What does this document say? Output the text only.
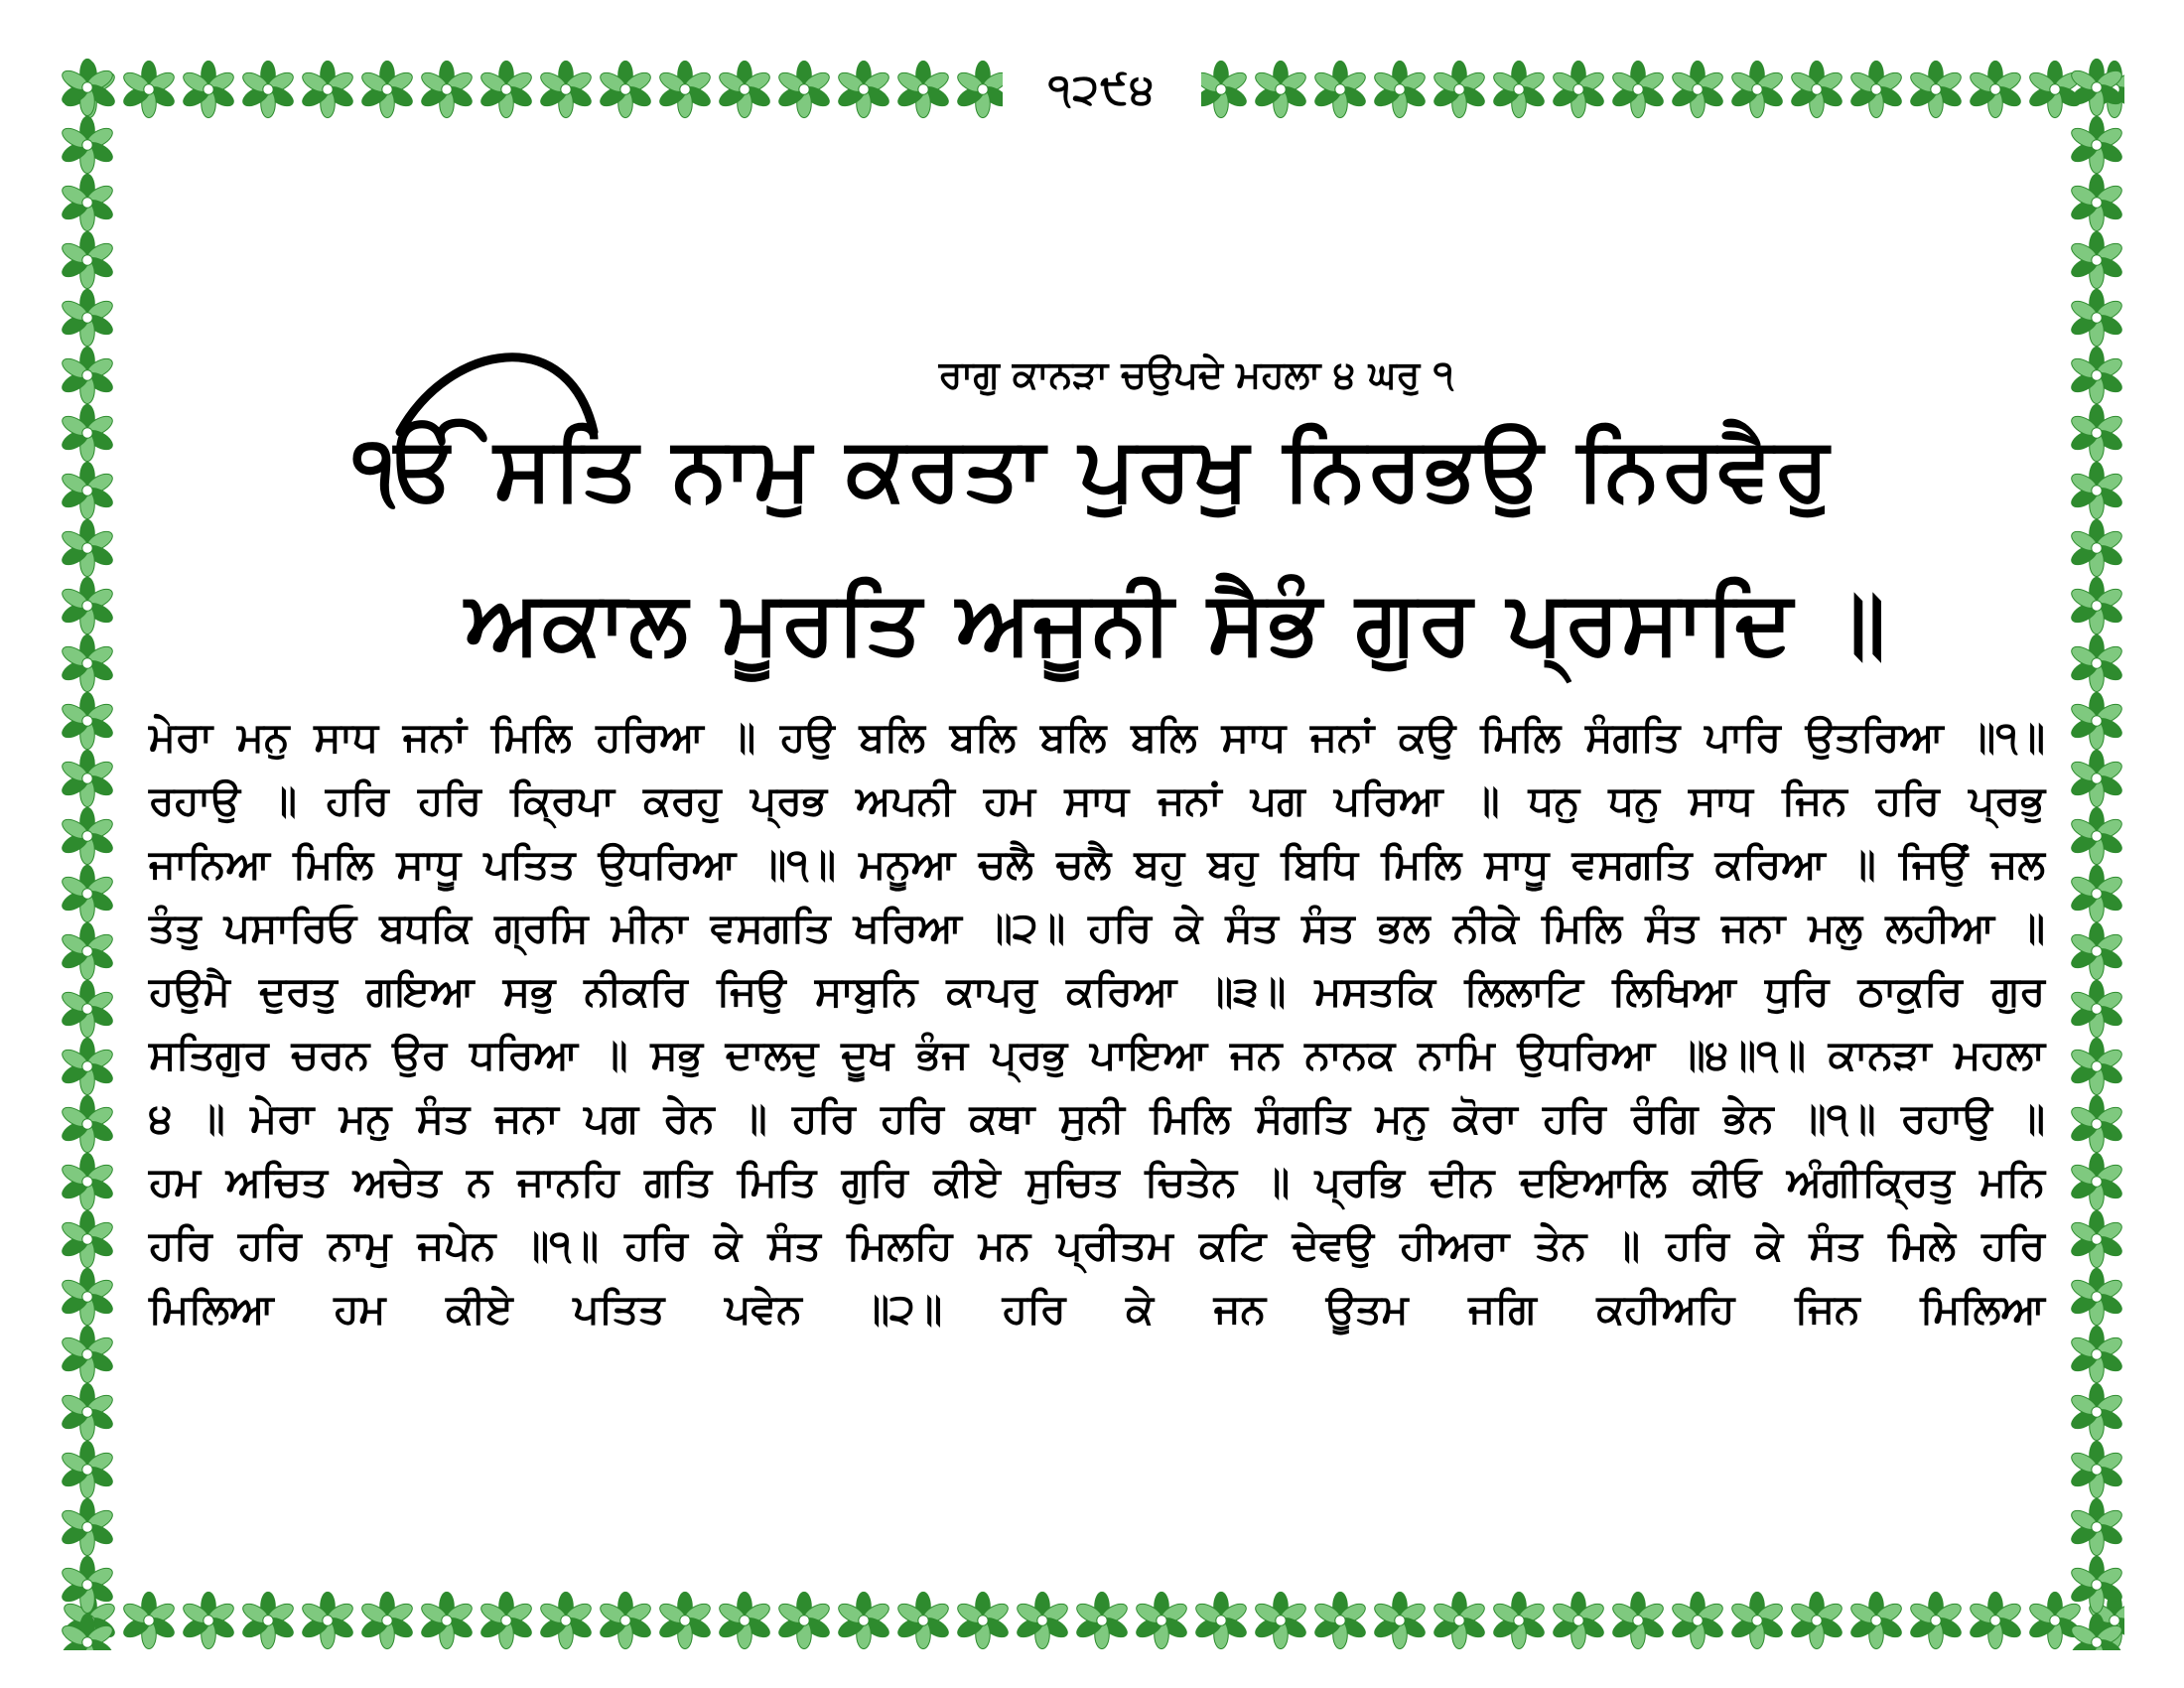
੧੨੯੪
ਰਾਗੁ ਕਾਨੜਾ ਚਉਪਦੇ ਮਹਲਾ ੪ ਘਰੁ ੧
ੴ ਸਤਿ ਨਾਮੁ ਕਰਤਾ ਪੁਰਖੁ ਨਿਰਭਉ ਨਿਰਵੈਰੁ
ਅਕਾਲ ਮੂਰਤਿ ਅਜੂਨੀ ਸੈਭੰ ਗੁਰ ਪ੍ਰਸਾਦਿ ॥
ਮੇਰਾ ਮਨੁ ਸਾਧ ਜਨਾਂ ਮਿਲਿ ਹਰਿਆ ॥ ਹਉ ਬਲਿ ਬਲਿ ਬਲਿ ਬਲਿ ਸਾਧ ਜਨਾਂ ਕਉ ਮਿਲਿ ਸੰਗਤਿ ਪਾਰਿ ਉਤਰਿਆ ॥੧॥ ਰਹਾਉ ॥ ਹਰਿ ਹਰਿ ਕ੍ਰਿਪਾ ਕਰਹੁ ਪ੍ਰਭ ਅਪਨੀ ਹਮ ਸਾਧ ਜਨਾਂ ਪਗ ਪਰਿਆ ॥ ਧਨੁ ਧਨੁ ਸਾਧ ਜਿਨ ਹਰਿ ਪ੍ਰਭੁ ਜਾਨਿਆ ਮਿਲਿ ਸਾਧੂ ਪਤਿਤ ਉਧਰਿਆ ॥੧॥ ਮਨੂਆ ਚਲੈ ਚਲੈ ਬਹੁ ਬਹੁ ਬਿਧਿ ਮਿਲਿ ਸਾਧੂ ਵਸਗਤਿ ਕਰਿਆ ॥ ਜਿਉਂ ਜਲ ਤੰਤੁ ਪਸਾਰਿਓ ਬਧਕਿ ਗ੍ਰਸਿ ਮੀਨਾ ਵਸਗਤਿ ਖਰਿਆ ॥੨॥ ਹਰਿ ਕੇ ਸੰਤ ਸੰਤ ਭਲ ਨੀਕੇ ਮਿਲਿ ਸੰਤ ਜਨਾ ਮਲੁ ਲਹੀਆ ॥ ਹਉਮੈ ਦੁਰਤੁ ਗਇਆ ਸਭੁ ਨੀਕਰਿ ਜਿਉ ਸਾਬੁਨਿ ਕਾਪਰੁ ਕਰਿਆ ॥੩॥ ਮਸਤਕਿ ਲਿਲਾਟਿ ਲਿਖਿਆ ਧੁਰਿ ਠਾਕੁਰਿ ਗੁਰ ਸਤਿਗੁਰ ਚਰਨ ਉਰ ਧਰਿਆ ॥ ਸਭੁ ਦਾਲਦੁ ਦੂਖ ਭੰਜ ਪ੍ਰਭੁ ਪਾਇਆ ਜਨ ਨਾਨਕ ਨਾਮਿ ਉਧਰਿਆ ॥੪॥੧॥ ਕਾਨੜਾ ਮਹਲਾ ੪ ॥ ਮੇਰਾ ਮਨੁ ਸੰਤ ਜਨਾ ਪਗ ਰੇਨ ॥ ਹਰਿ ਹਰਿ ਕਥਾ ਸੁਨੀ ਮਿਲਿ ਸੰਗਤਿ ਮਨੁ ਕੋਰਾ ਹਰਿ ਰੰਗਿ ਭੇਨ ॥੧॥ ਰਹਾਉ ॥ ਹਮ ਅਚਿਤ ਅਚੇਤ ਨ ਜਾਨਹਿ ਗਤਿ ਮਿਤਿ ਗੁਰਿ ਕੀਏ ਸੁਚਿਤ ਚਿਤੇਨ ॥ ਪ੍ਰਭਿ ਦੀਨ ਦਇਆਲਿ ਕੀਓ ਅੰਗੀਕ੍ਰਿਤੁ ਮਨਿ ਹਰਿ ਹਰਿ ਨਾਮੁ ਜਪੇਨ ॥੧॥ ਹਰਿ ਕੇ ਸੰਤ ਮਿਲਹਿ ਮਨ ਪ੍ਰੀਤਮ ਕਟਿ ਦੇਵਉ ਹੀਅਰਾ ਤੇਨ ॥ ਹਰਿ ਕੇ ਸੰਤ ਮਿਲੇ ਹਰਿ ਮਿਲਿਆ ਹਮ ਕੀਏ ਪਤਿਤ ਪਵੇਨ ॥੨॥ ਹਰਿ ਕੇ ਜਨ ਊਤਮ ਜਗਿ ਕਹੀਅਹਿ ਜਿਨ ਮਿਲਿਆ
